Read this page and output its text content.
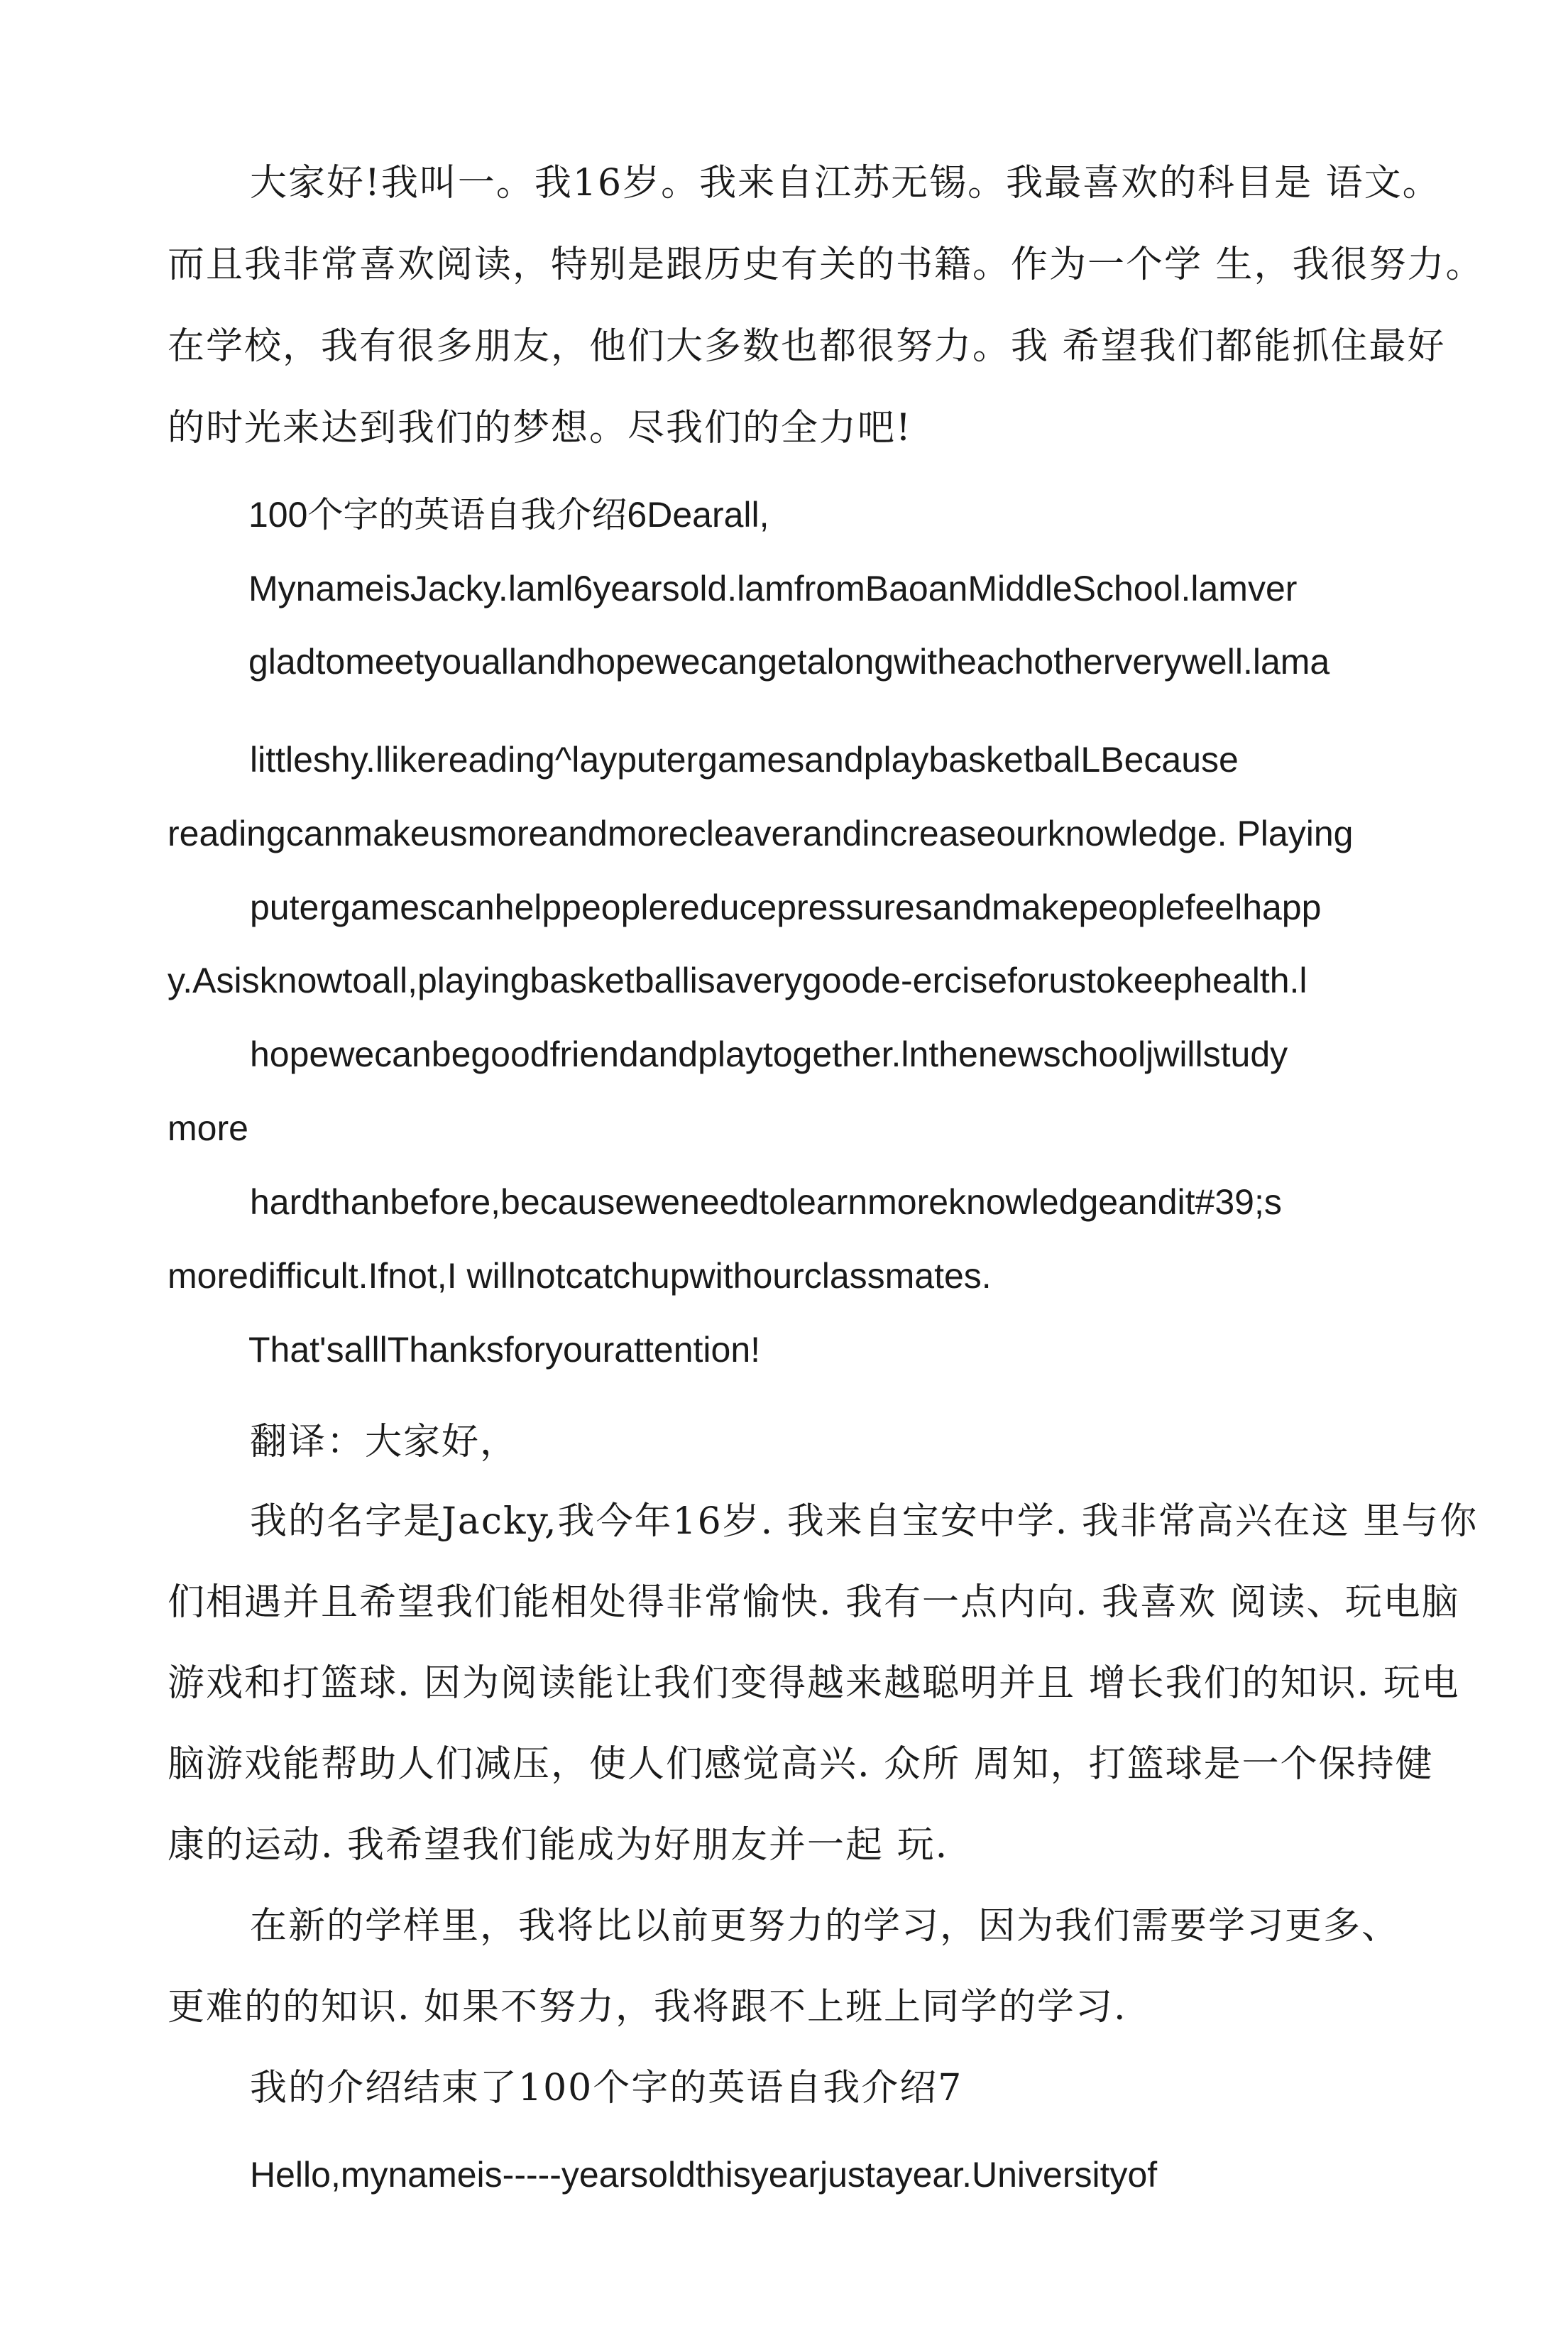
大家好!我叫一。我16岁。我来自江苏无锡。我最喜欢的科目是 语文。
而且我非常喜欢阅读，特别是跟历史有关的书籍。作为一个学 生，我很努力。
在学校，我有很多朋友，他们大多数也都很努力。我 希望我们都能抓住最好
的时光来达到我们的梦想。尽我们的全力吧!
100个字的英语自我介绍6Dearall,
MynameisJacky.laml6yearsold.lamfromBaoanMiddleSchool.lamver
gladtomeetyouallandhopewecangetalongwitheachotherverywell.lama
littleshy.llikereading^layputergamesandplaybasketbalLBecause
readingcanmakeusmoreandmorecleaverandincreaseourknowledge. Playing
putergamescanhelppeoplereducepressuresandmakepeoplefeelhapp
y.Asisknowtoall,playingbasketballisaverygoode-erciseforustokeephealth.l
hopewecanbegoodfriendandplaytogether.lnthenewschooljwillstudy
more
hardthanbefore,becauseweneedtolearnmoreknowledgeandit#39;s
moredifficult.Ifnot,I willnotcatchupwithourclassmates.
That'salllThanksforyourattention!
翻译：大家好，
我的名字是Jacky,我今年16岁. 我来自宝安中学. 我非常高兴在这 里与你
们相遇并且希望我们能相处得非常愉快. 我有一点内向. 我喜欢 阅读、玩电脑
游戏和打篮球. 因为阅读能让我们变得越来越聪明并且 增长我们的知识. 玩电
脑游戏能帮助人们减压，使人们感觉高兴. 众所 周知，打篮球是一个保持健
康的运动. 我希望我们能成为好朋友并一起 玩.
在新的学样里，我将比以前更努力的学习，因为我们需要学习更多、
更难的的知识. 如果不努力，我将跟不上班上同学的学习.
我的介绍结束了100个字的英语自我介绍7
Hello,mynameis-----yearsoldthisyearjustayear.Universityof
